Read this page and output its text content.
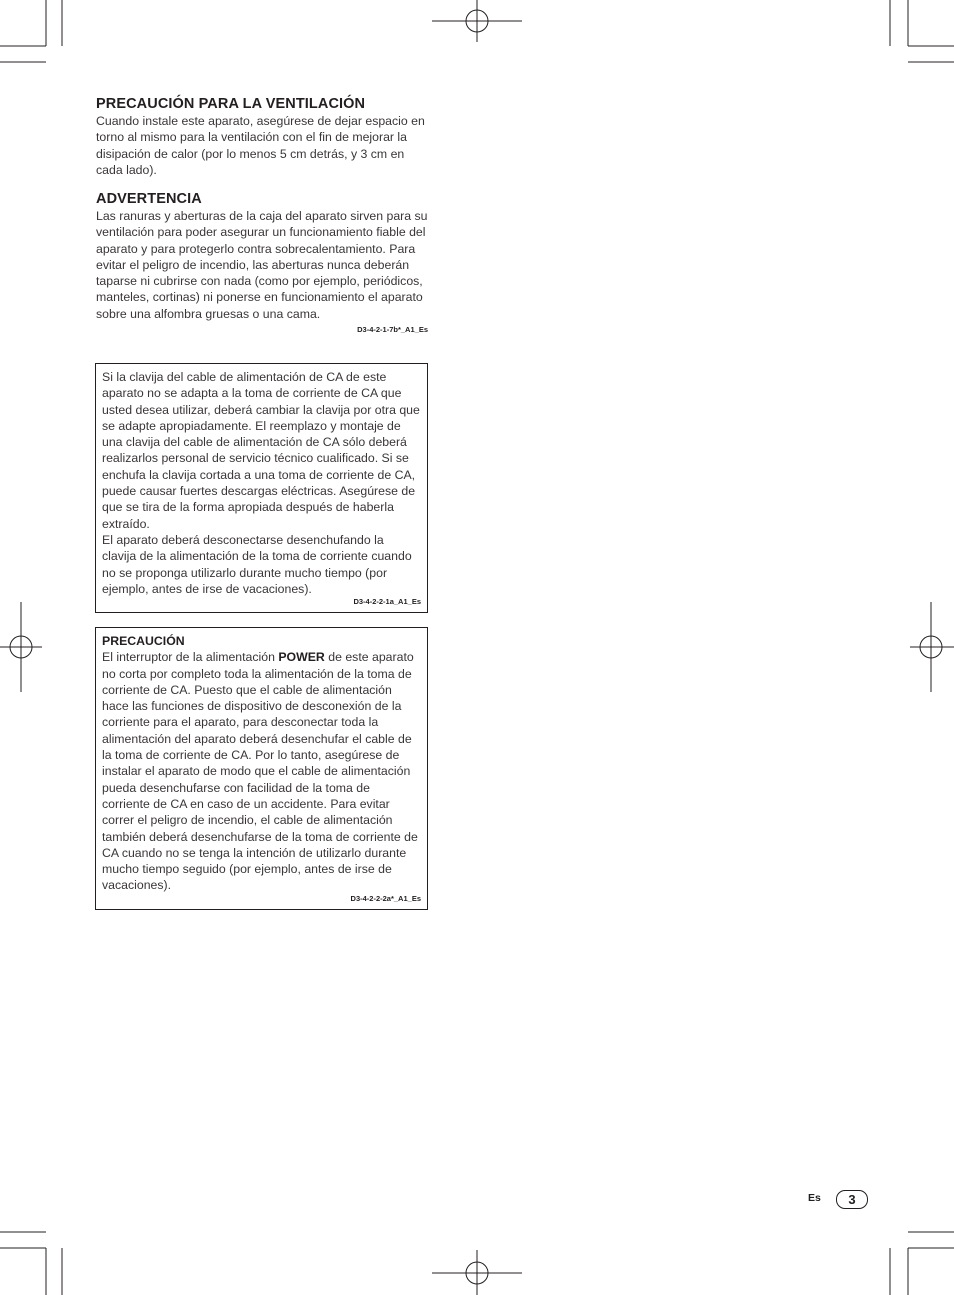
PRECAUCIÓN PARA LA VENTILACIÓN

Cuando instale este aparato, asegúrese de dejar espacio en torno al mismo para la ventilación con el fin de mejorar la disipación de calor (por lo menos 5 cm detrás, y 3 cm en cada lado).

ADVERTENCIA

Las ranuras y aberturas de la caja del aparato sirven para su ventilación para poder asegurar un funcionamiento fiable del aparato y para protegerlo contra sobrecalentamiento. Para evitar el peligro de incendio, las aberturas nunca deberán taparse ni cubrirse con nada (como por ejemplo, periódicos, manteles, cortinas) ni ponerse en funcionamiento el aparato sobre una alfombra gruesas o una cama.

D3-4-2-1-7b*_A1_Es

Si la clavija del cable de alimentación de CA de este aparato no se adapta a la toma de corriente de CA que usted desea utilizar, deberá cambiar la clavija por otra que se adapte apropiadamente. El reemplazo y montaje de una clavija del cable de alimentación de CA sólo deberá realizarlos personal de servicio técnico cualificado. Si se enchufa la clavija cortada a una toma de corriente de CA, puede causar fuertes descargas eléctricas. Asegúrese de que se tira de la forma apropiada después de haberla extraído.

El aparato deberá desconectarse desenchufando la clavija de la alimentación de la toma de corriente cuando no se proponga utilizarlo durante mucho tiempo (por ejemplo, antes de irse de vacaciones).

D3-4-2-2-1a_A1_Es
PRECAUCIÓN

El interruptor de la alimentación POWER de este aparato no corta por completo toda la alimentación de la toma de corriente de CA. Puesto que el cable de alimentación hace las funciones de dispositivo de desconexión de la corriente para el aparato, para desconectar toda la alimentación del aparato deberá desenchufar el cable de la toma de corriente de CA. Por lo tanto, asegúrese de instalar el aparato de modo que el cable de alimentación pueda desenchufarse con facilidad de la toma de corriente de CA en caso de un accidente. Para evitar correr el peligro de incendio, el cable de alimentación también deberá desenchufarse de la toma de corriente de CA cuando no se tenga la intención de utilizarlo durante mucho tiempo seguido (por ejemplo, antes de irse de vacaciones).

D3-4-2-2-2a*_A1_Es
Es	3
